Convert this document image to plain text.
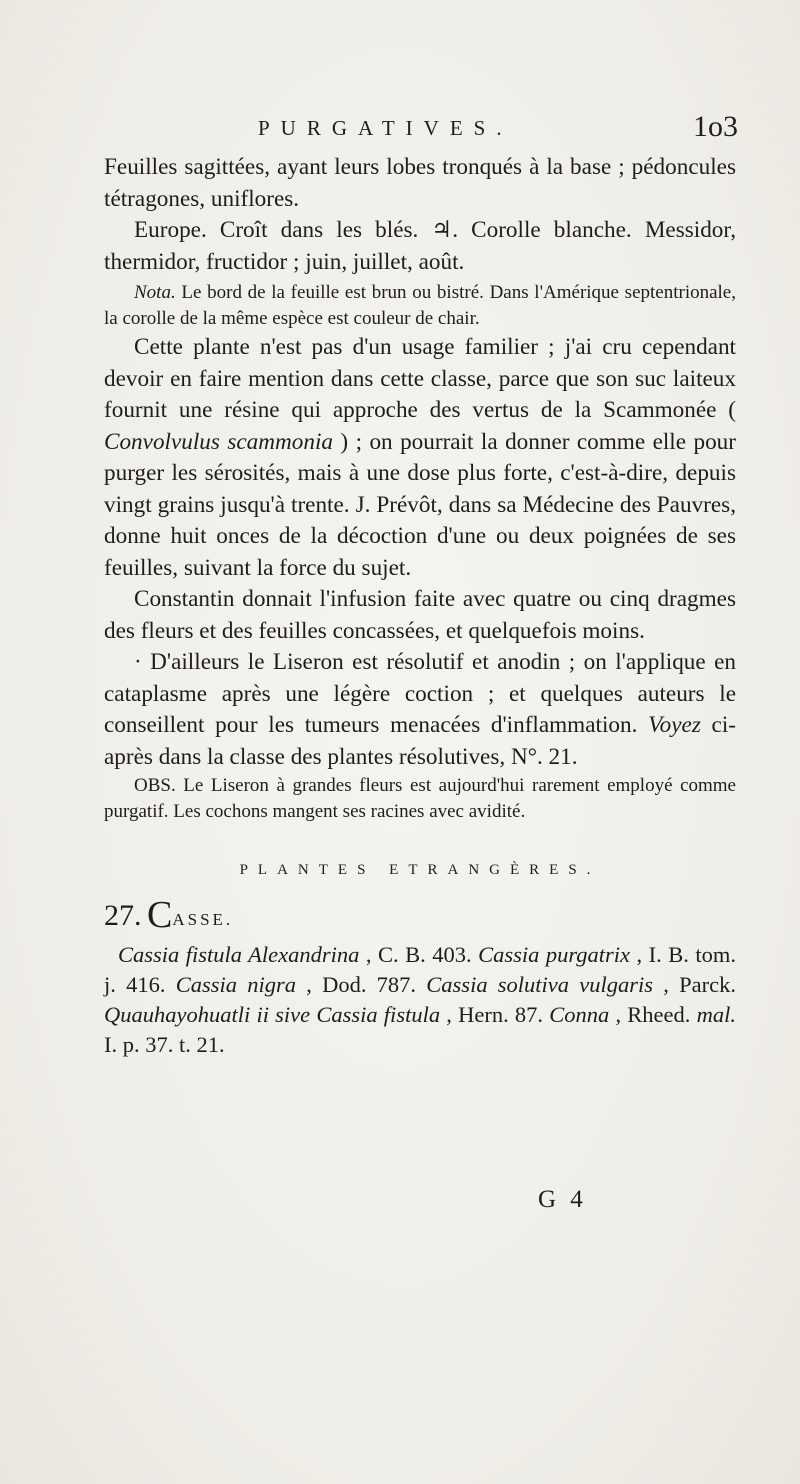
PURGATIVES.	1o3

Feuilles sagittées, ayant leurs lobes tronqués à la base ; pédoncules tétragones, uniflores.

Europe. Croît dans les blés. ♃. Corolle blanche. Messidor, thermidor, fructidor ; juin, juillet, août.

Nota. Le bord de la feuille est brun ou bistré. Dans l'Amérique septentrionale, la corolle de la même espèce est couleur de chair.

Cette plante n'est pas d'un usage familier ; j'ai cru cependant devoir en faire mention dans cette classe, parce que son suc laiteux fournit une résine qui approche des vertus de la Scammonée ( Convolvulus scammonia ) ; on pourrait la donner comme elle pour purger les sérosités, mais à une dose plus forte, c'est-à-dire, depuis vingt grains jusqu'à trente. J. Prévôt, dans sa Médecine des Pauvres, donne huit onces de la décoction d'une ou deux poignées de ses feuilles, suivant la force du sujet.

Constantin donnait l'infusion faite avec quatre ou cinq dragmes des fleurs et des feuilles concassées, et quelquefois moins.

· D'ailleurs le Liseron est résolutif et anodin ; on l'applique en cataplasme après une légère coction ; et quelques auteurs le conseillent pour les tumeurs menacées d'inflammation. Voyez ci-après dans la classe des plantes résolutives, N°. 21.

OBS. Le Liseron à grandes fleurs est aujourd'hui rarement employé comme purgatif. Les cochons mangent ses racines avec avidité.

PLANTES ETRANGÈRES.
27. CASSE.

Cassia fistula Alexandrina , C. B. 403. Cassia purgatrix , I. B. tom. j. 416. Cassia nigra , Dod. 787. Cassia solutiva vulgaris , Parck. Quauhayohuatli ii sive Cassia fistula , Hern. 87. Conna , Rheed. mal. I. p. 37. t. 21.

G 4
